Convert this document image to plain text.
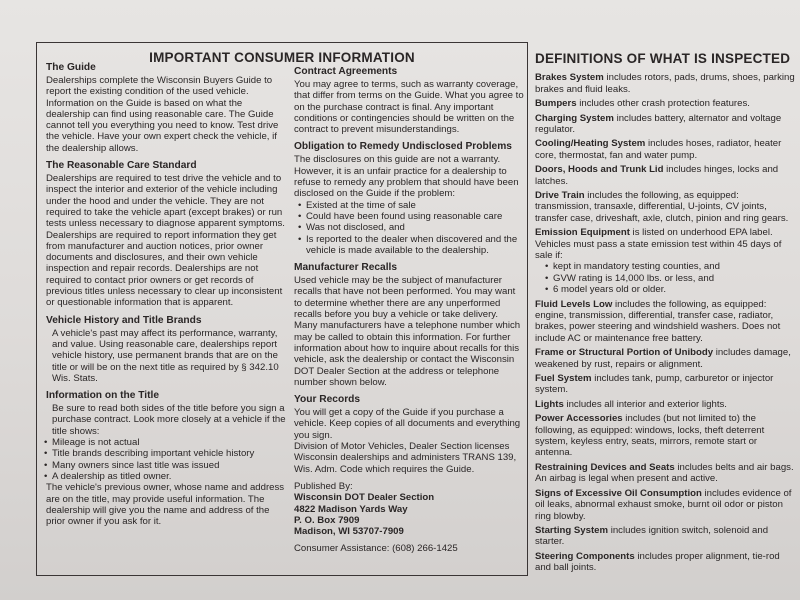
IMPORTANT CONSUMER INFORMATION
The Guide

Dealerships complete the Wisconsin Buyers Guide to report the existing condition of the used vehicle. Information on the Guide is based on what the dealership can find using reasonable care. The Guide cannot tell you everything you need to know. Test drive the vehicle. Have your own expert check the vehicle, if the dealership allows.

The Reasonable Care Standard

Dealerships are required to test drive the vehicle and to inspect the interior and exterior of the vehicle including under the hood and under the vehicle. They are not required to take the vehicle apart (except brakes) or run tests unless necessary to diagnose apparent symptoms.

Dealerships are required to report information they get from manufacturer and auction notices, prior owner documents and disclosures, and their own vehicle inspection and repair records. Dealerships are not required to contact prior owners or get records of previous titles unless necessary to clear up inconsistent or questionable information that is apparent.

Vehicle History and Title Brands

A vehicle's past may affect its performance, warranty, and value. Using reasonable care, dealerships report vehicle history, use permanent brands that are on the title or will be on the next title as required by § 342.10 Wis. Stats.

Information on the Title

Be sure to read both sides of the title before you sign a purchase contract. Look more closely at a vehicle if the title shows:

• Mileage is not actual
• Title brands describing important vehicle history
• Many owners since last title was issued
• A dealership as titled owner.

The vehicle's previous owner, whose name and address are on the title, may provide useful information. The dealership will give you the name and address of the prior owner if you ask for it.

Contract Agreements

You may agree to terms, such as warranty coverage, that differ from terms on the Guide. What you agree to on the purchase contract is final. Any important conditions or contingencies should be written on the contract to prevent misunderstandings.

Obligation to Remedy Undisclosed Problems

The disclosures on this guide are not a warranty. However, it is an unfair practice for a dealership to refuse to remedy any problem that should have been disclosed on the Guide if the problem:

• Existed at the time of sale
• Could have been found using reasonable care
• Was not disclosed, and
• Is reported to the dealer when discovered and the vehicle is made available to the dealership.
Manufacturer Recalls

Used vehicle may be the subject of manufacturer recalls that have not been performed. You may want to determine whether there are any unperformed recalls before you buy a vehicle or take delivery. Many manufacturers have a telephone number which may be called to obtain this information. For further information about how to inquire about recalls for this vehicle, ask the dealership or contact the Wisconsin DOT Dealer Section at the address or telephone number shown below.

Your Records

You will get a copy of the Guide if you purchase a vehicle. Keep copies of all documents and everything you sign.

Division of Motor Vehicles, Dealer Section licenses Wisconsin dealerships and administers TRANS 139, Wis. Adm. Code which requires the Guide.

Published By:

Wisconsin DOT Dealer Section

4822 Madison Yards Way

P. O. Box 7909

Madison, WI 53707-7909

Consumer Assistance: (608) 266-1425

DEFINITIONS OF WHAT IS INSPECTED

Brakes System includes rotors, pads, drums, shoes, parking brakes and fluid leaks.

Bumpers includes other crash protection features.

Charging System includes battery, alternator and voltage regulator.

Cooling/Heating System includes hoses, radiator, heater core, thermostat, fan and water pump.

Doors, Hoods and Trunk Lid includes hinges, locks and latches.

Drive Train includes the following, as equipped: transmission, transaxle, differential, U-joints, CV joints, transfer case, driveshaft, axle, clutch, pinion and ring gears.

Emission Equipment is listed on underhood EPA label. Vehicles must pass a state emission test within 45 days of sale if:

• kept in mandatory testing counties, and
• GVW rating is 14,000 lbs. or less, and
• 6 model years old or older.

Fluid Levels Low includes the following, as equipped: engine, transmission, differential, transfer case, radiator, brakes, power steering and windshield washers. Does not include AC or maintenance free battery.

Frame or Structural Portion of Unibody includes damage, weakened by rust, repairs or alignment.

Fuel System includes tank, pump, carburetor or injector system.

Lights includes all interior and exterior lights.

Power Accessories includes (but not limited to) the following, as equipped: windows, locks, theft deterrent system, keyless entry, seats, mirrors, remote start or antenna.

Restraining Devices and Seats includes belts and air bags. An airbag is legal when present and active.

Signs of Excessive Oil Consumption includes evidence of oil leaks, abnormal exhaust smoke, burnt oil odor or piston ring blowby.

Starting System includes ignition switch, solenoid and starter.

Steering Components includes proper alignment, tie-rod and ball joints.
